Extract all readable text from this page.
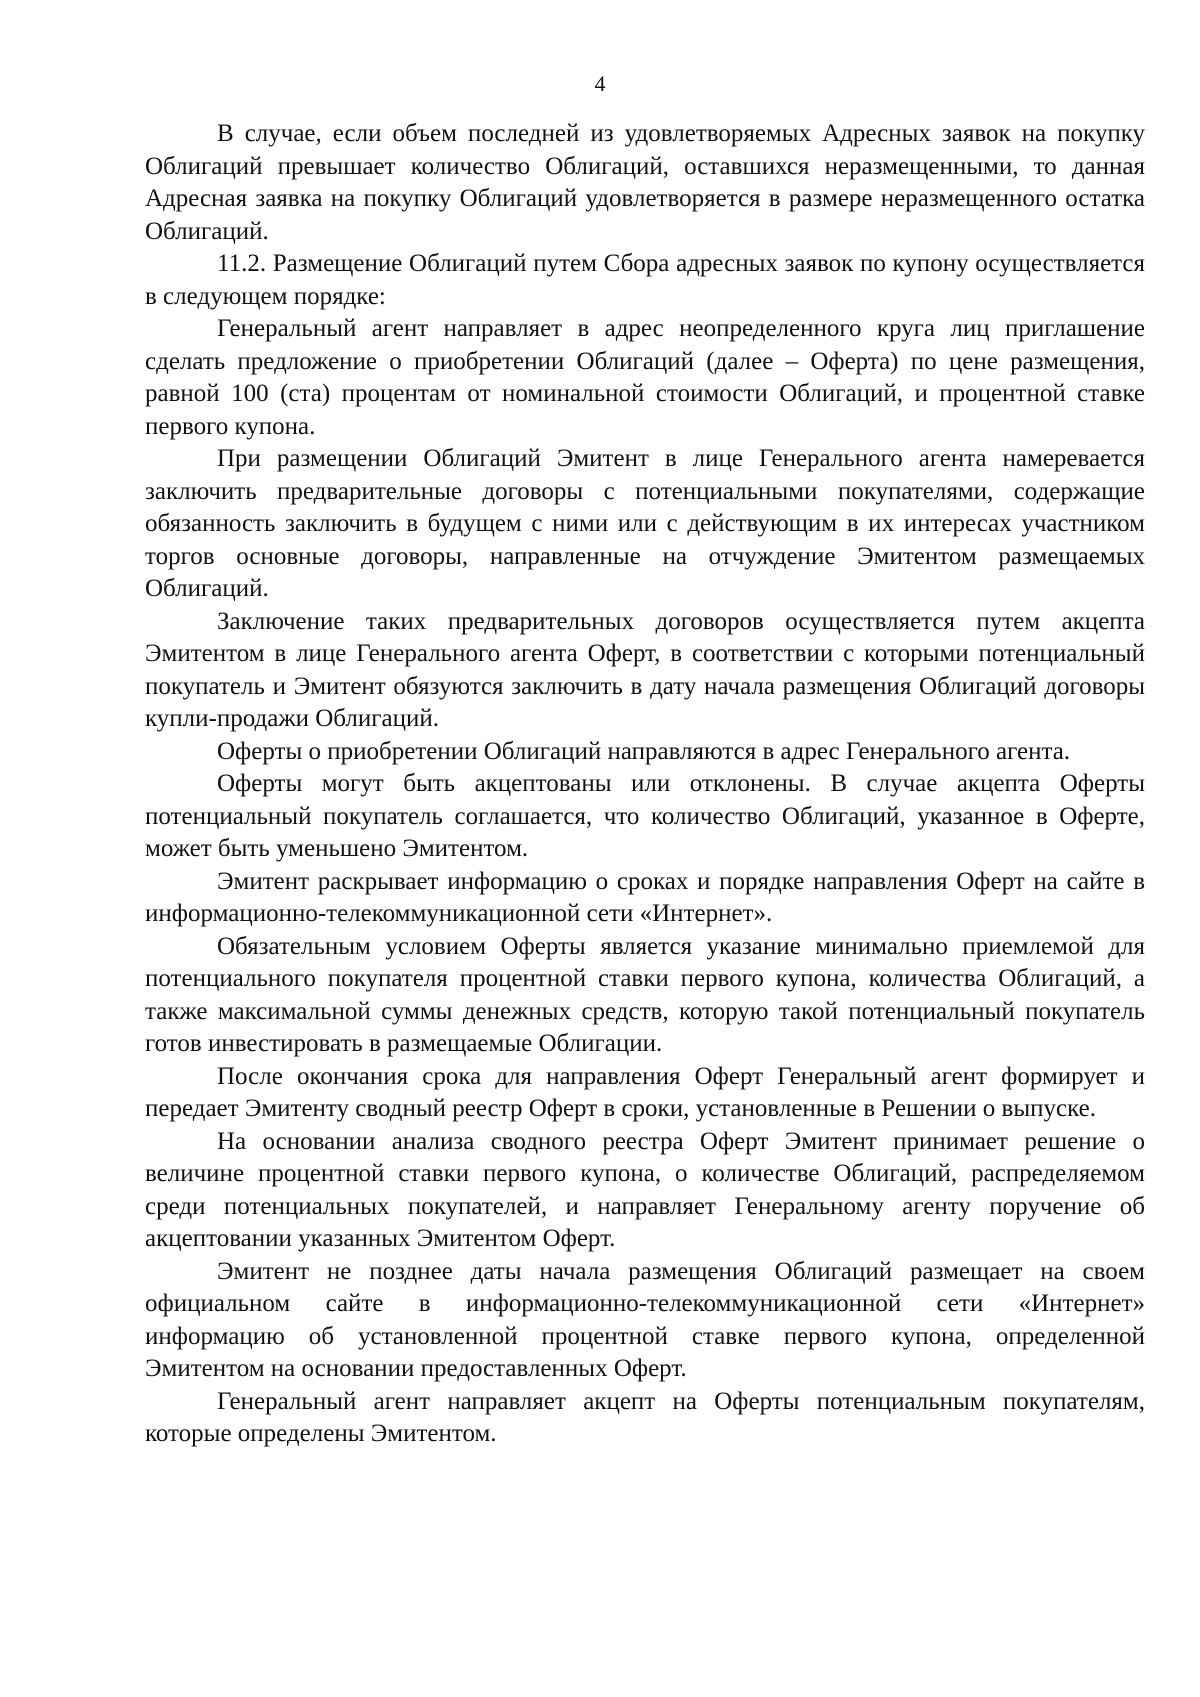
4

В случае, если объем последней из удовлетворяемых Адресных заявок на покупку Облигаций превышает количество Облигаций, оставшихся неразмещенными, то данная Адресная заявка на покупку Облигаций удовлетворяется в размере неразмещенного остатка Облигаций.

11.2. Размещение Облигаций путем Сбора адресных заявок по купону осуществляется в следующем порядке:

Генеральный агент направляет в адрес неопределенного круга лиц приглашение сделать предложение о приобретении Облигаций (далее – Оферта) по цене размещения, равной 100 (ста) процентам от номинальной стоимости Облигаций, и процентной ставке первого купона.

При размещении Облигаций Эмитент в лице Генерального агента намеревается заключить предварительные договоры с потенциальными покупателями, содержащие обязанность заключить в будущем с ними или с действующим в их интересах участником торгов основные договоры, направленные на отчуждение Эмитентом размещаемых Облигаций.

Заключение таких предварительных договоров осуществляется путем акцепта Эмитентом в лице Генерального агента Оферт, в соответствии с которыми потенциальный покупатель и Эмитент обязуются заключить в дату начала размещения Облигаций договоры купли-продажи Облигаций.

Оферты о приобретении Облигаций направляются в адрес Генерального агента.

Оферты могут быть акцептованы или отклонены. В случае акцепта Оферты потенциальный покупатель соглашается, что количество Облигаций, указанное в Оферте, может быть уменьшено Эмитентом.

Эмитент раскрывает информацию о сроках и порядке направления Оферт на сайте в информационно-телекоммуникационной сети «Интернет».

Обязательным условием Оферты является указание минимально приемлемой для потенциального покупателя процентной ставки первого купона, количества Облигаций, а также максимальной суммы денежных средств, которую такой потенциальный покупатель готов инвестировать в размещаемые Облигации.

После окончания срока для направления Оферт Генеральный агент формирует и передает Эмитенту сводный реестр Оферт в сроки, установленные в Решении о выпуске.

На основании анализа сводного реестра Оферт Эмитент принимает решение о величине процентной ставки первого купона, о количестве Облигаций, распределяемом среди потенциальных покупателей, и направляет Генеральному агенту поручение об акцептовании указанных Эмитентом Оферт.

Эмитент не позднее даты начала размещения Облигаций размещает на своем официальном сайте в информационно-телекоммуникационной сети «Интернет» информацию об установленной процентной ставке первого купона, определенной Эмитентом на основании предоставленных Оферт.

Генеральный агент направляет акцепт на Оферты потенциальным покупателям, которые определены Эмитентом.
